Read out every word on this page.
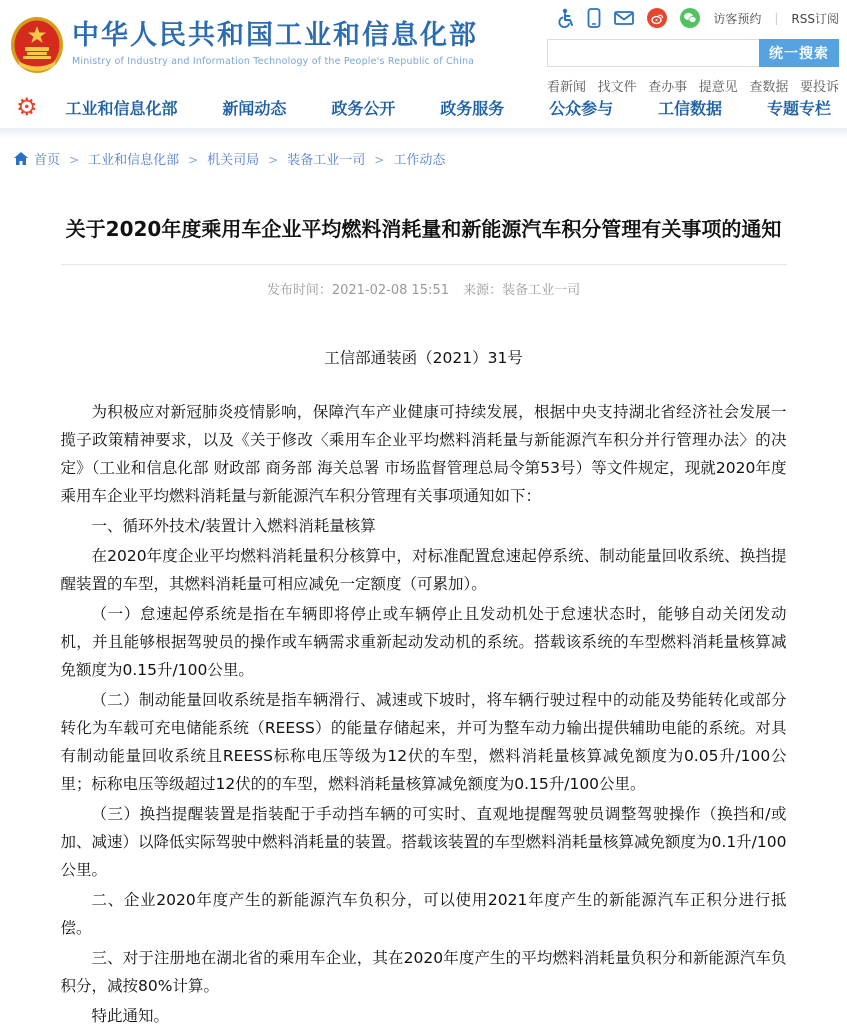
中华人民共和国工业和信息化部
Ministry of Industry and Information Technology of the People's Republic of China
访客预约 | RSS订阅
统一搜索
看新闻 找文件 查办事 提意见 查数据 要投诉
⚙ 工业和信息化部	新闻动态	政务公开	政务服务	公众参与	工信数据	专题专栏
首页	> 工业和信息化部	> 机关司局	> 装备工业一司	> 工作动态
关于2020年度乘用车企业平均燃料消耗量和新能源汽车积分管理有关事项的通知
发布时间：2021-02-08 15:51 来源：装备工业一司
工信部通装函（2021）31号

为积极应对新冠肺炎疫情影响，保障汽车产业健康可持续发展，根据中央支持湖北省经济社会发展一揽子政策精神要求，以及《关于修改〈乘用车企业平均燃料消耗量与新能源汽车积分并行管理办法〉的决定》（工业和信息化部 财政部 商务部 海关总署 市场监督管理总局令第53号）等文件规定，现就2020年度乘用车企业平均燃料消耗量与新能源汽车积分管理有关事项通知如下：

一、循环外技术/装置计入燃料消耗量核算

在2020年度企业平均燃料消耗量积分核算中，对标准配置怠速起停系统、制动能量回收系统、换挡提醒装置的车型，其燃料消耗量可相应减免一定额度（可累加）。

（一）怠速起停系统是指在车辆即将停止或车辆停止且发动机处于怠速状态时，能够自动关闭发动机，并且能够根据驾驶员的操作或车辆需求重新起动发动机的系统。搭载该系统的车型燃料消耗量核算减免额度为0.15升/100公里。

（二）制动能量回收系统是指车辆滑行、减速或下坡时，将车辆行驶过程中的动能及势能转化或部分转化为车载可充电储能系统（REESS）的能量存储起来，并可为整车动力输出提供辅助电能的系统。对具有制动能量回收系统且REESS标称电压等级为12伏的车型，燃料消耗量核算减免额度为0.05升/100公里；标称电压等级超过12伏的的车型，燃料消耗量核算减免额度为0.15升/100公里。

（三）换挡提醒装置是指装配于手动挡车辆的可实时、直观地提醒驾驶员调整驾驶操作（换挡和/或加、减速）以降低实际驾驶中燃料消耗量的装置。搭载该装置的车型燃料消耗量核算减免额度为0.1升/100公里。

二、企业2020年度产生的新能源汽车负积分，可以使用2021年度产生的新能源汽车正积分进行抵偿。

三、对于注册地在湖北省的乘用车企业，其在2020年度产生的平均燃料消耗量负积分和新能源汽车负积分，减按80%计算。

特此通知。
